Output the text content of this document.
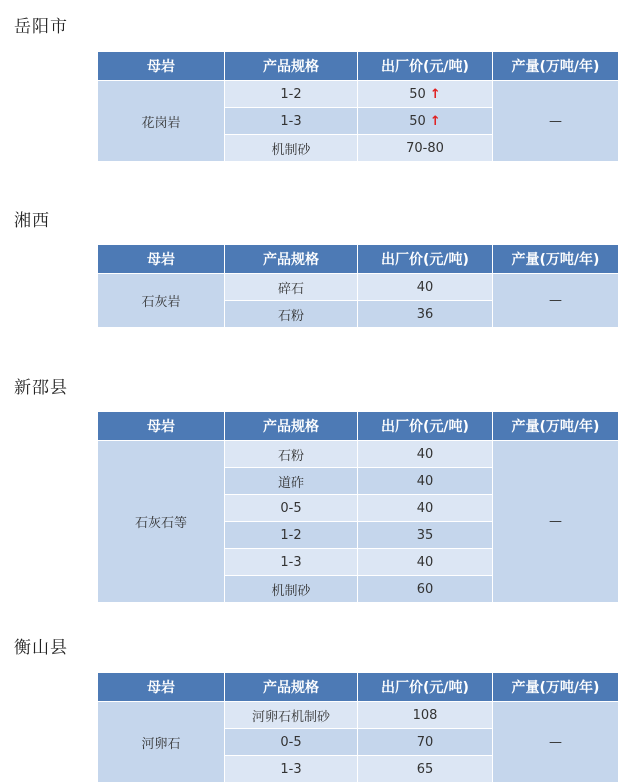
岳阳市
母岩	产品规格	出厂价(元/吨)	产量(万吨/年)
花岗岩	1-2	50 ↑	—
	1-3	50 ↑	
	机制砂	70-80	
湘西
母岩	产品规格	出厂价(元/吨)	产量(万吨/年)
石灰岩	碎石	40	—
	石粉	36	
新邵县
母岩	产品规格	出厂价(元/吨)	产量(万吨/年)
石灰石等	石粉	40	—
	道砟	40	
	0-5	40	
	1-2	35	
	1-3	40	
	机制砂	60	
衡山县
母岩	产品规格	出厂价(元/吨)	产量(万吨/年)
河卵石	河卵石机制砂	108	—
	0-5	70	
	1-3	65	
